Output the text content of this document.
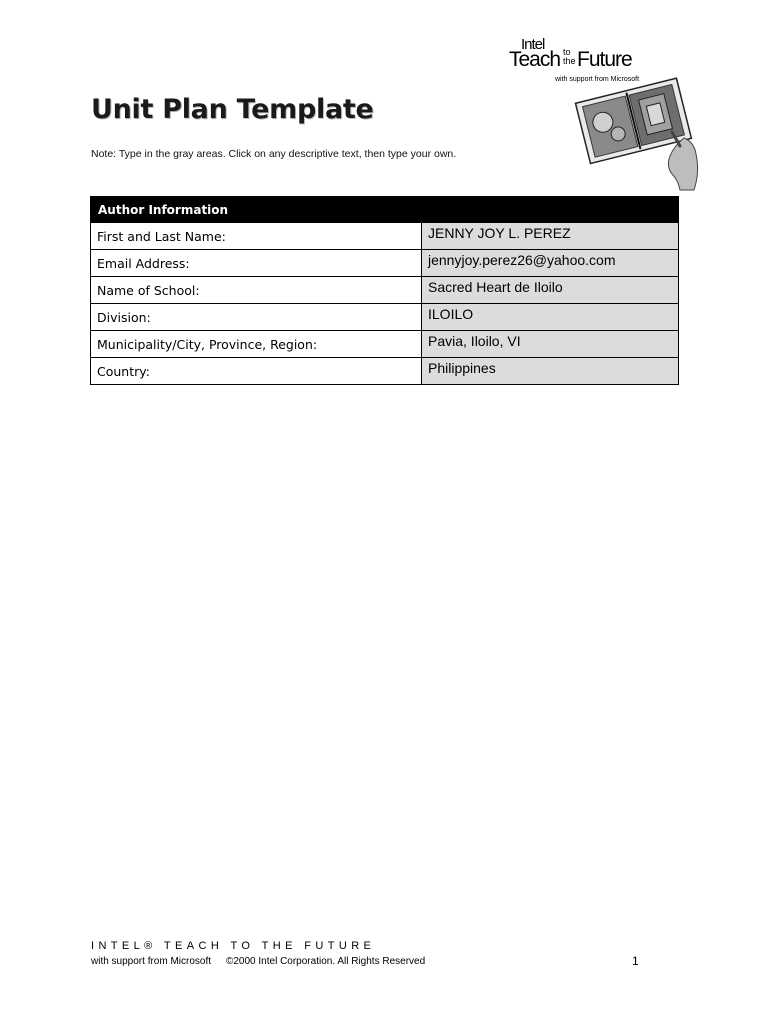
Intel
Teach to the Future
with support from Microsoft
Unit Plan Template
Note: Type in the gray areas. Click on any descriptive text, then type your own.
Author Information	
First and Last Name:	JENNY JOY L. PEREZ
Email Address:	jennyjoy.perez26@yahoo.com
Name of School:	Sacred Heart de Iloilo
Division:	ILOILO
Municipality/City, Province, Region:	Pavia, Iloilo, VI
Country:	Philippines
INTEL® TEACH TO THE FUTURE
with support from Microsoft ©2000 Intel Corporation. All Rights Reserved	1
